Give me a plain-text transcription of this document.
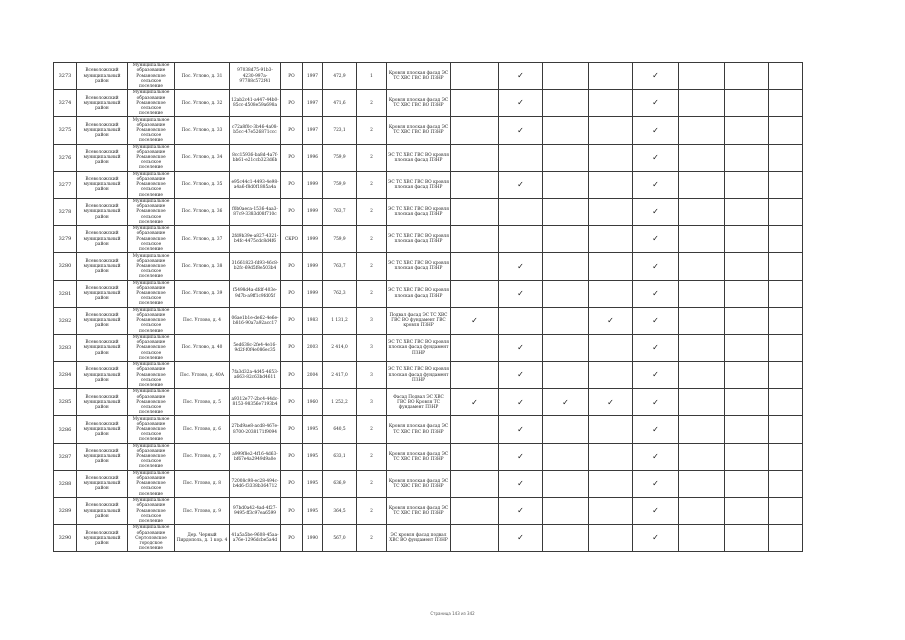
3273	Всеволожский муниципальный район	Муниципальное образование Романовское сельское поселение	Пос. Углово, д. 31	97038d75-91b3-4230-997a-97788c572f41	РО	1997	472,9	1	Кровля плоская фасад ЭС ТС ХВС ГВС ВО ПЗНР		✓			✓			
3274	Всеволожский муниципальный район	Муниципальное образование Романовское сельское поселение	Пос. Углово, д. 32	12ab2c41-a447-44b0-85cc-d508e59a698a	РО	1997	471,6	2	Кровля плоская фасад ЭС ТС ХВС ГВС ВО ПЗНР		✓			✓			
3275	Всеволожский муниципальный район	Муниципальное образование Романовское сельское поселение	Пос. Углово, д. 33	c72a8f0c-3b46-4a08-b5cc-47e526871ccc	РО	1997	723,1	2	Кровля плоская фасад ЭС ТС ХВС ГВС ВО ПЗНР		✓			✓			
3276	Всеволожский муниципальный район	Муниципальное образование Романовское сельское поселение	Пос. Углово, д. 34	8cc15936-ba8d-4a7f-bb61-e21ccb323d6b	РО	1996	759,9	2	ЭС ТС ХВС ГВС ВО кровля плоская фасад ПЗНР					✓			
3277	Всеволожский муниципальный район	Муниципальное образование Романовское сельское поселение	Пос. Углово, д. 35	e95c44c1-4493-4e98-a4a6-f8d0f1885a4a	РО	1999	759,9	2	ЭС ТС ХВС ГВС ВО кровля плоская фасад ПЗНР		✓			✓			
3278	Всеволожский муниципальный район	Муниципальное образование Романовское сельское поселение	Пос. Углово, д. 36	f0b0aeca-1536-4aa3-87c9-3383d08f710c	РО	1999	763,7	2	ЭС ТС ХВС ГВС ВО кровля плоская фасад ПЗНР					✓			
3279	Всеволожский муниципальный район	Муниципальное образование Романовское сельское поселение	Пос. Углово, д. 37	2fd9b39e-a827-4321-b4fc-4475cdc8d4f6	СКРО	1999	759,9	2	ЭС ТС ХВС ГВС ВО кровля плоская фасад ПЗНР					✓			
3280	Всеволожский муниципальный район	Муниципальное образование Романовское сельское поселение	Пос. Углово, д. 38	31661823-fd93-46c8-b2fc-69d5f8e503b4	РО	1999	763,7	2	ЭС ТС ХВС ГВС ВО кровля плоская фасад ПЗНР		✓			✓			
3281	Всеволожский муниципальный район	Муниципальное образование Романовское сельское поселение	Пос. Углово, д. 39	f5498d4a-dfdf-403e-9d7b-a9ff1c9fd05f	РО	1999	762,3	2	ЭС ТС ХВС ГВС ВО кровля плоская фасад ПЗНР		✓			✓			
3282	Всеволожский муниципальный район	Муниципальное образование Романовское сельское поселение	Пос. Углово, д. 4	06ae1b1e-de62-4e6e-b816-90a7a92acc17	РО	1983	1 131,2	3	Подвал фасад ЭС ТС ХВС ГВС ВО фундамент ГВС кровля ПЗНР	✓			✓	✓			
3283	Всеволожский муниципальный район	Муниципальное образование Романовское сельское поселение	Пос. Углово, д. 40	5ed638c-2fe4-4e16-9d2f-f0f4e086ec35	РО	2003	2 414,0	3	ЭС ТС ХВС ГВС ВО кровля плоская фасад фундамент ПЗНР		✓			✓			
3284	Всеволожский муниципальный район	Муниципальное образование Романовское сельское поселение	Пос. Углово, д. 40А	7fa3d32a-4d45-4653-a663-82c63bd4611	РО	2004	2 417,0	3	ЭС ТС ХВС ГВС ВО кровля плоская фасад фундамент ПЗНР		✓			✓			
3285	Всеволожский муниципальный район	Муниципальное образование Романовское сельское поселение	Пос. Углово, д. 5	a9312e77-2bc4-44dc-8153-98356e7193b4	РО	1960	1 252,2	3	Фасад Подвал ЭС ХВС ГВС ВО Кровля ТС фундамент ПЗНР	✓	✓	✓	✓	✓			
3286	Всеволожский муниципальный район	Муниципальное образование Романовское сельское поселение	Пос. Углово, д. 6	27bd9ae8-acd8-467e-8700-2038171f9094	РО	1995	640,5	2	Кровля плоская фасад ЭС ТС ХВС ГВС ВО ПЗНР		✓			✓			
3287	Всеволожский муниципальный район	Муниципальное образование Романовское сельское поселение	Пос. Углово, д. 7	a999f8e2-4f16-4d63-bf67e4a2949d9a0e	РО	1995	633,1	2	Кровля плоская фасад ЭС ТС ХВС ГВС ВО ПЗНР		✓			✓			
3288	Всеволожский муниципальный район	Муниципальное образование Романовское сельское поселение	Пос. Углово, д. 8	72008c98-ec28-494c-b4d6-f3338b364712	РО	1995	636,9	2	Кровля плоская фасад ЭС ТС ХВС ГВС ВО ПЗНР		✓			✓			
3289	Всеволожский муниципальный район	Муниципальное образование Романовское сельское поселение	Пос. Углово, д. 9	97bd0a42-4ad-4f27-9495-ff3c97ea6599	РО	1995	364,5	2	Кровля плоская фасад ЭС ТС ХВС ГВС ВО ПЗНР		✓			✓			
3290	Всеволожский муниципальный район	Муниципальное образование Сертоловское городское поселение	Дер. Черный Пирдополь, д. 1 кор. 4	41a5a5be-9608-45aa-a76e-1296dcbe5a4d	РО	1990	567,0	2	ЭС кровля фасад подвал ХВС ВО фундамент ПЗНР		✓			✓			
Страница 143 из 342
